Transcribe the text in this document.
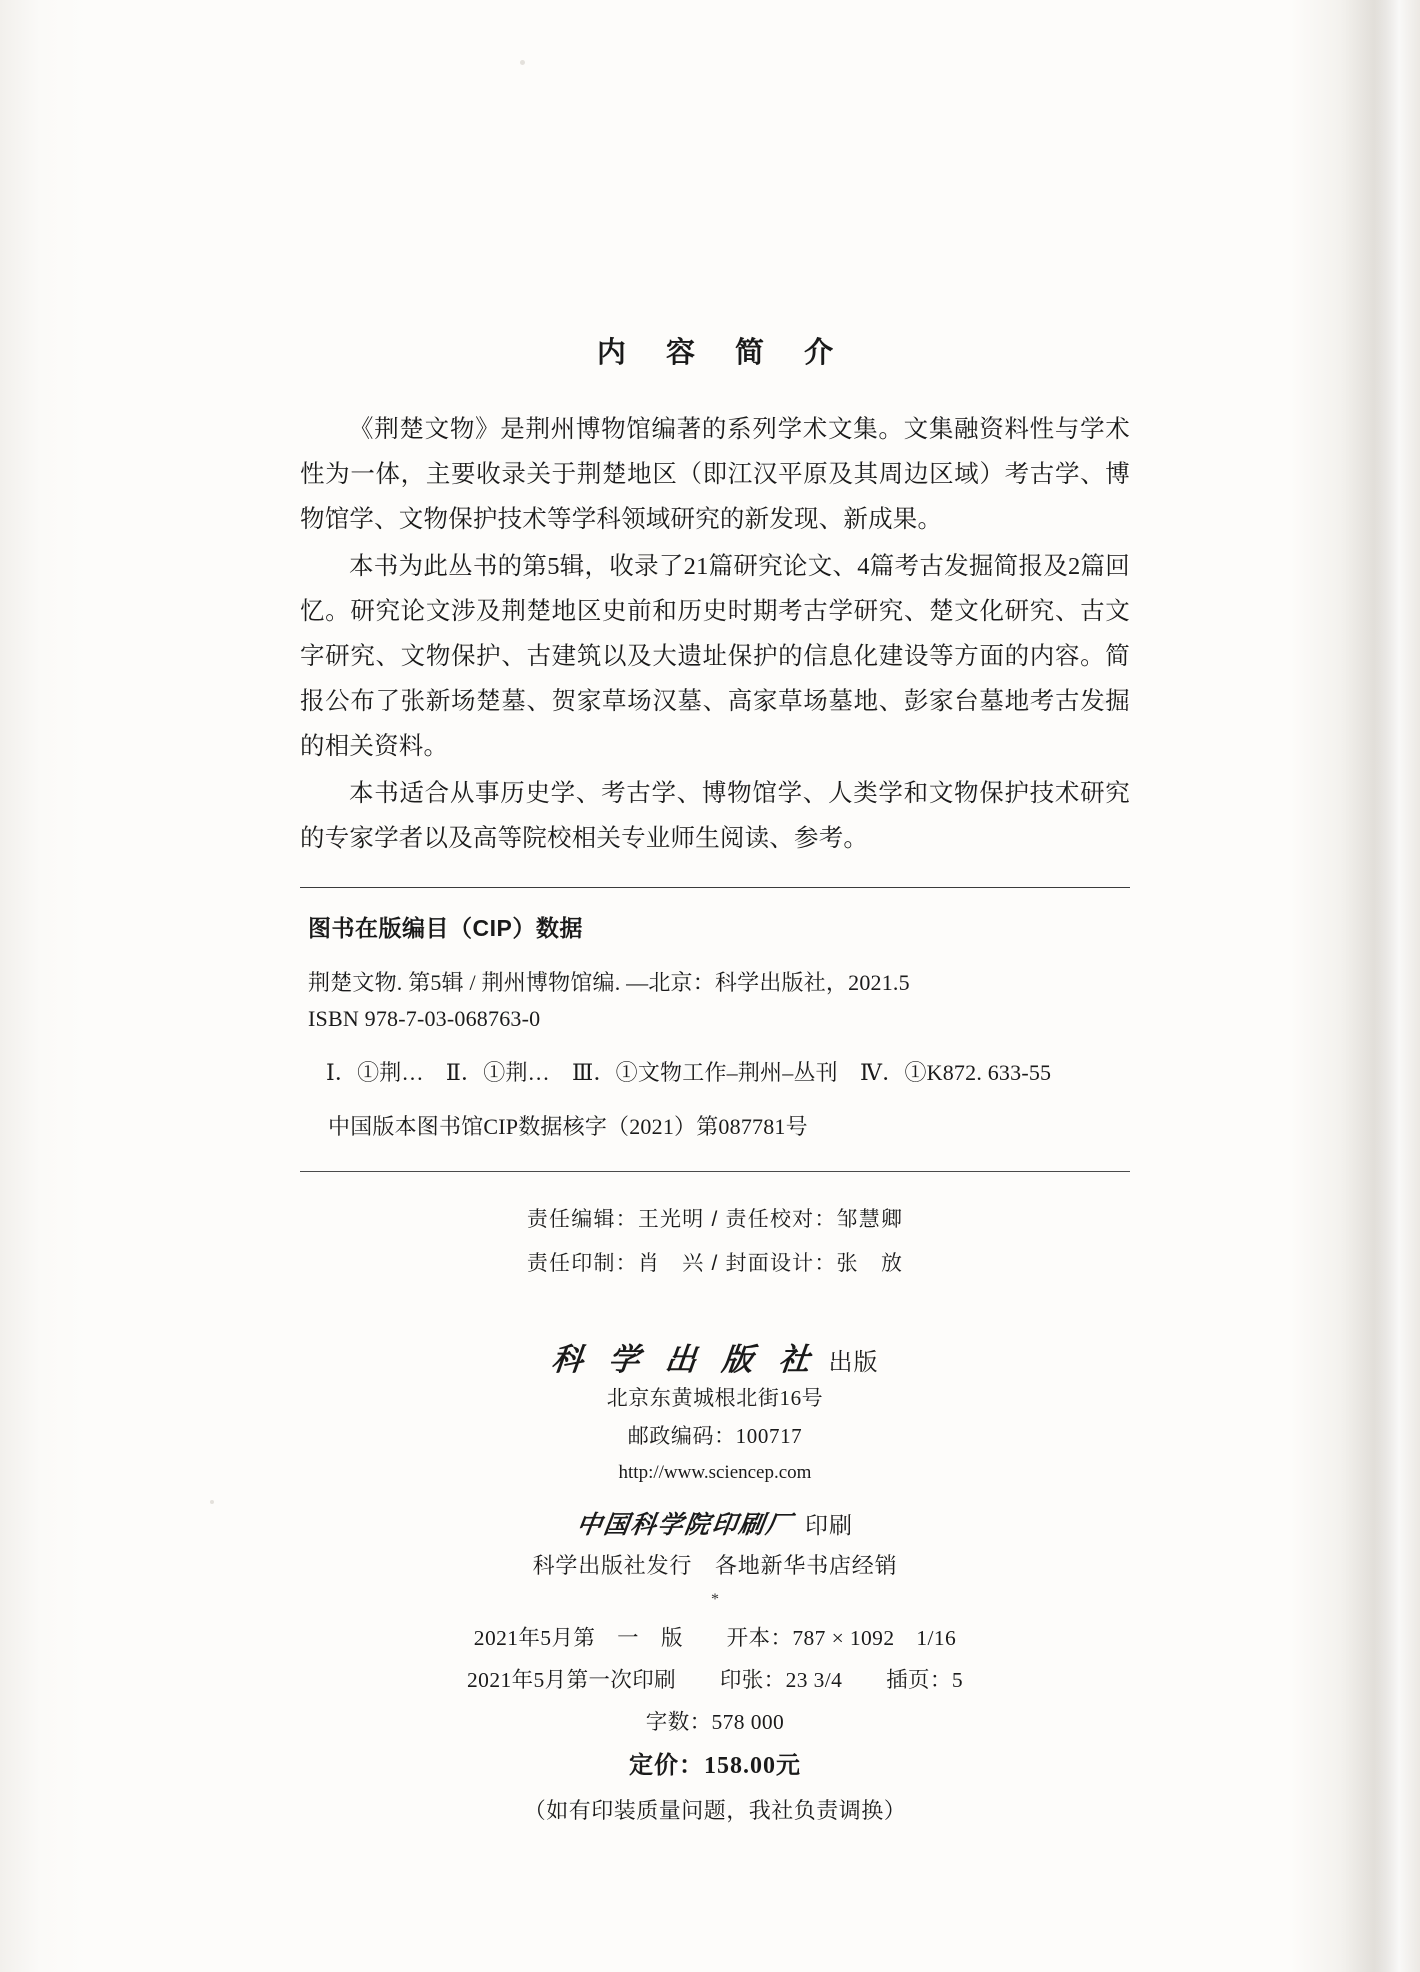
内 容 简 介

《荆楚文物》是荆州博物馆编著的系列学术文集。文集融资料性与学术性为一体，主要收录关于荆楚地区（即江汉平原及其周边区域）考古学、博物馆学、文物保护技术等学科领域研究的新发现、新成果。

本书为此丛书的第5辑，收录了21篇研究论文、4篇考古发掘简报及2篇回忆。研究论文涉及荆楚地区史前和历史时期考古学研究、楚文化研究、古文字研究、文物保护、古建筑以及大遗址保护的信息化建设等方面的内容。简报公布了张新场楚墓、贺家草场汉墓、高家草场墓地、彭家台墓地考古发掘的相关资料。

本书适合从事历史学、考古学、博物馆学、人类学和文物保护技术研究的专家学者以及高等院校相关专业师生阅读、参考。

图书在版编目（CIP）数据
荆楚文物. 第5辑 / 荆州博物馆编. —北京：科学出版社，2021.5
ISBN 978-7-03-068763-0
Ⅰ．①荆…　Ⅱ．①荆…　Ⅲ．①文物工作–荆州–丛刊　Ⅳ．①K872. 633-55
中国版本图书馆CIP数据核字（2021）第087781号
责任编辑：王光明 / 责任校对：邹慧卿
责任印制：肖　兴 / 封面设计：张　放
科 学 出 版 社 出版
北京东黄城根北街16号
邮政编码：100717
http://www.sciencep.com
中国科学院印刷厂 印刷
科学出版社发行　各地新华书店经销
*
2021年5月第　一　版　　开本：787 × 1092　1/16
2021年5月第一次印刷　　印张：23 3/4　　插页：5
字数：578 000
定价：158.00元
（如有印装质量问题，我社负责调换）
